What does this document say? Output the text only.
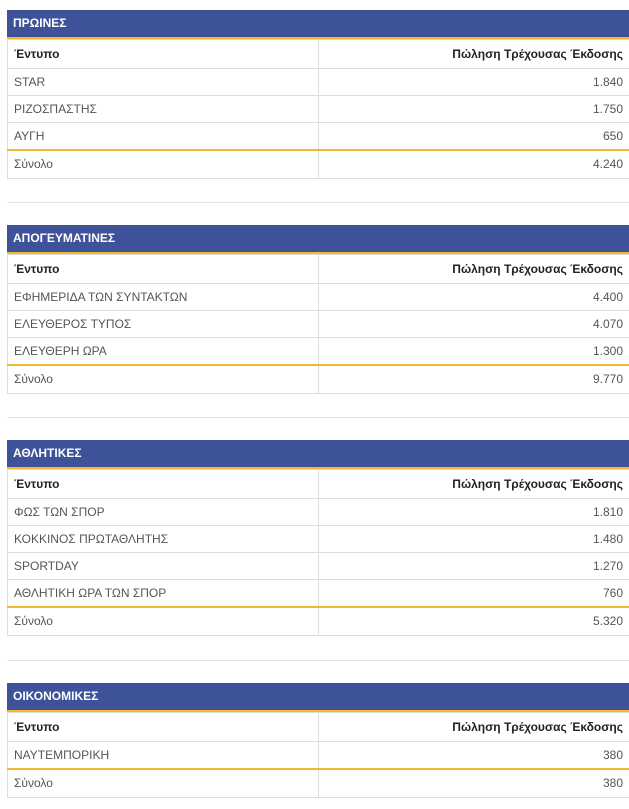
ΠΡΩΙΝΕΣ
Έντυπο	Πώληση Τρέχουσας Έκδοσης
STAR	1.840
ΡΙΖΟΣΠΑΣΤΗΣ	1.750
ΑΥΓΗ	650
Σύνολο	4.240
ΑΠΟΓΕΥΜΑΤΙΝΕΣ
Έντυπο	Πώληση Τρέχουσας Έκδοσης
ΕΦΗΜΕΡΙΔΑ ΤΩΝ ΣΥΝΤΑΚΤΩΝ	4.400
ΕΛΕΥΘΕΡΟΣ ΤΥΠΟΣ	4.070
ΕΛΕΥΘΕΡΗ ΩΡΑ	1.300
Σύνολο	9.770
ΑΘΛΗΤΙΚΕΣ
Έντυπο	Πώληση Τρέχουσας Έκδοσης
ΦΩΣ ΤΩΝ ΣΠΟΡ	1.810
ΚΟΚΚΙΝΟΣ ΠΡΩΤΑΘΛΗΤΗΣ	1.480
SPORTDAY	1.270
ΑΘΛΗΤΙΚΗ ΩΡΑ ΤΩΝ ΣΠΟΡ	760
Σύνολο	5.320
ΟΙΚΟΝΟΜΙΚΕΣ
Έντυπο	Πώληση Τρέχουσας Έκδοσης
ΝΑΥΤΕΜΠΟΡΙΚΗ	380
Σύνολο	380
